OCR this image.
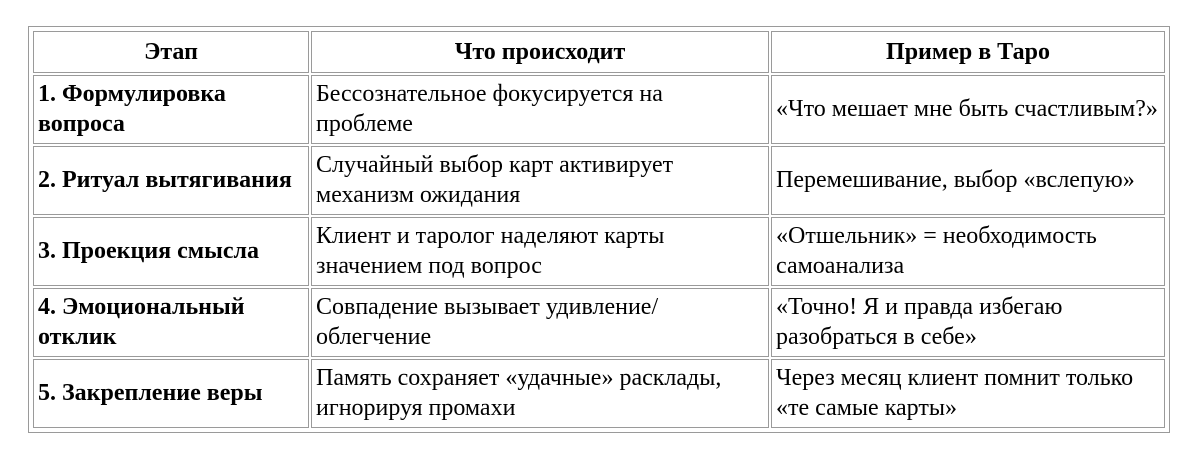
Этап	Что происходит	Пример в Таро
1. Формулировка вопроса	Бессознательное фокусируется на проблеме	«Что мешает мне быть счастливым?»
2. Ритуал вытягивания	Случайный выбор карт активирует механизм ожидания	Перемешивание, выбор «вслепую»
3. Проекция смысла	Клиент и таролог наделяют карты значением под вопрос	«Отшельник» = необходимость самоанализа
4. Эмоциональный отклик	Совпадение вызывает удивление/облегчение	«Точно! Я и правда избегаю разобраться в себе»
5. Закрепление веры	Память сохраняет «удачные» расклады, игнорируя промахи	Через месяц клиент помнит только «те самые карты»
